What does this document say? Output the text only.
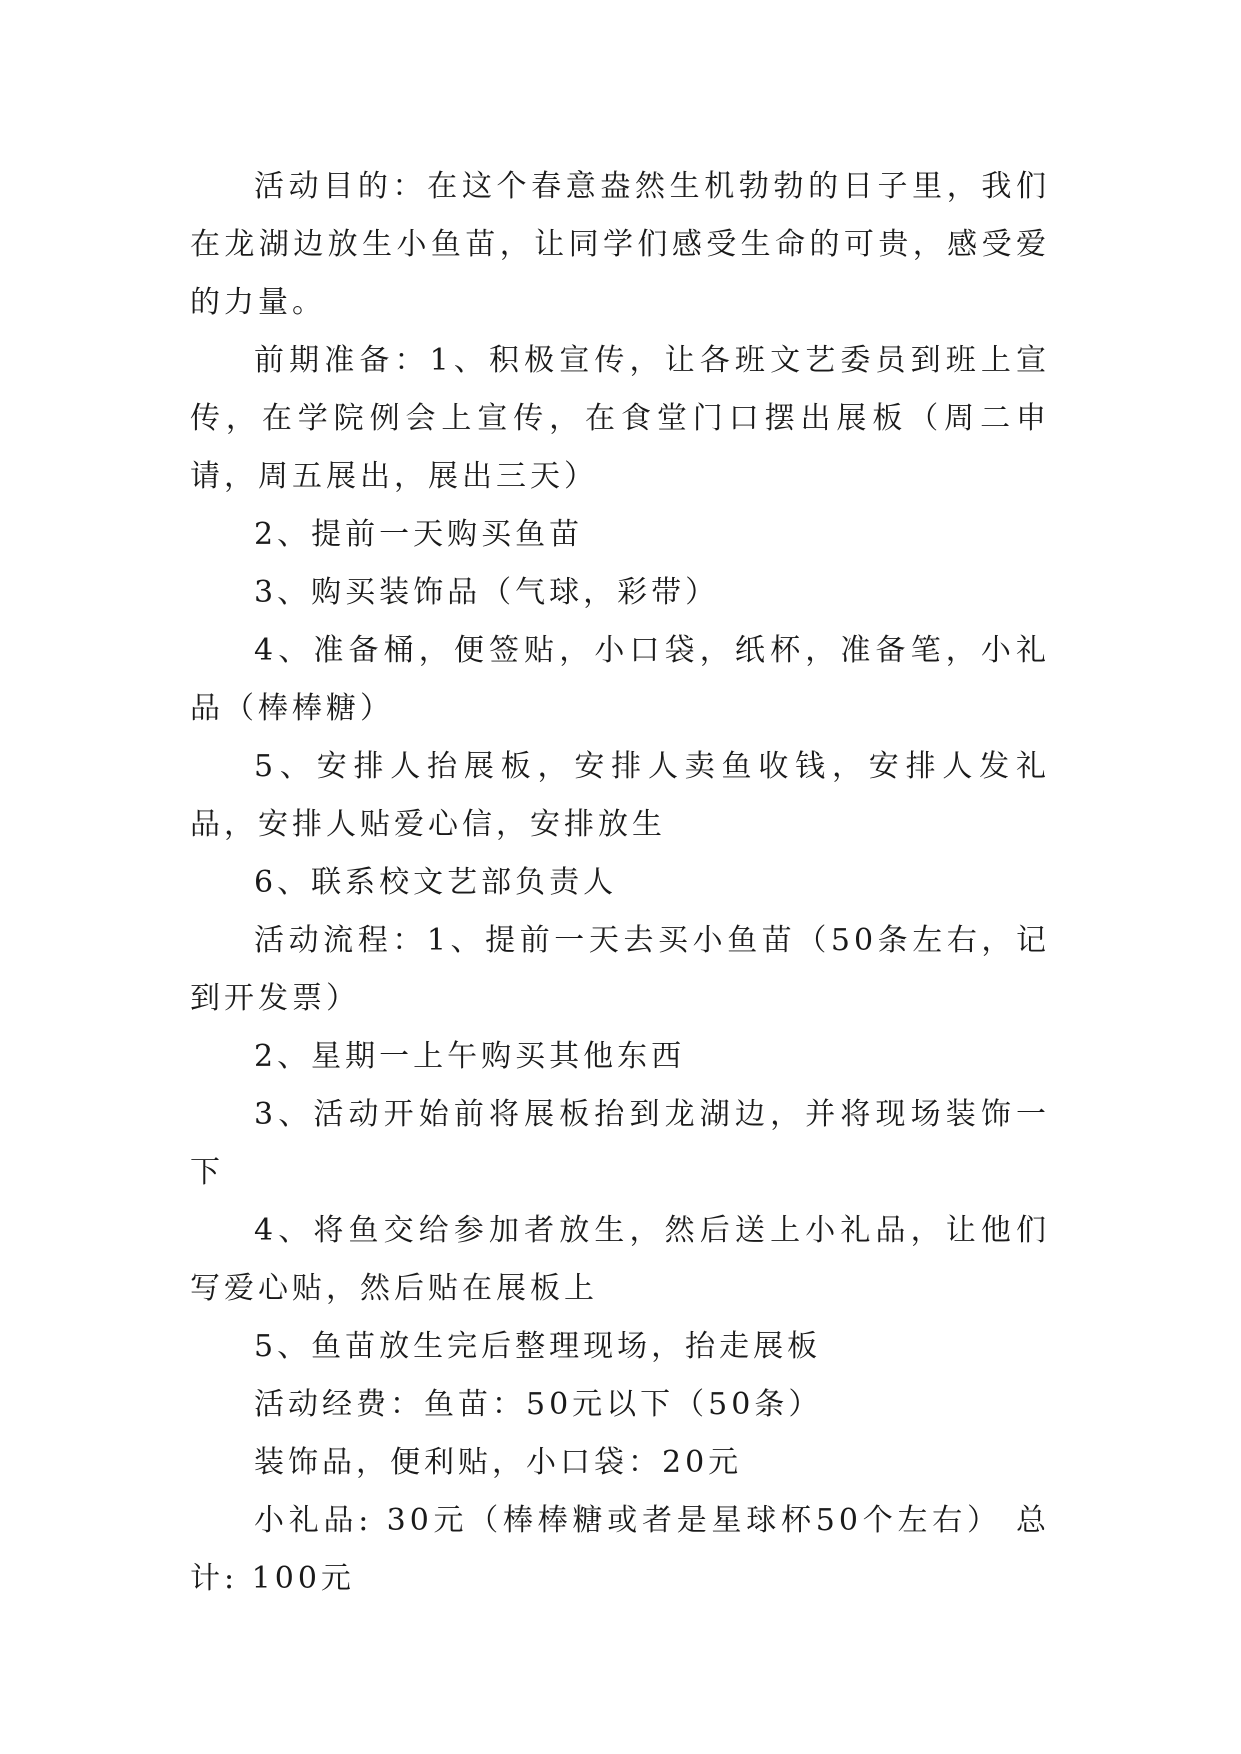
活动目的：在这个春意盎然生机勃勃的日子里，我们在龙湖边放生小鱼苗，让同学们感受生命的可贵，感受爱的力量。

前期准备：1、积极宣传，让各班文艺委员到班上宣传，在学院例会上宣传，在食堂门口摆出展板（周二申请，周五展出，展出三天）

2、提前一天购买鱼苗

3、购买装饰品（气球，彩带）

4、准备桶，便签贴，小口袋，纸杯，准备笔，小礼品（棒棒糖）

5、安排人抬展板，安排人卖鱼收钱，安排人发礼品，安排人贴爱心信，安排放生

6、联系校文艺部负责人

活动流程：1、提前一天去买小鱼苗（50条左右，记到开发票）

2、星期一上午购买其他东西

3、活动开始前将展板抬到龙湖边，并将现场装饰一下

4、将鱼交给参加者放生，然后送上小礼品，让他们写爱心贴，然后贴在展板上

5、鱼苗放生完后整理现场，抬走展板

活动经费：鱼苗：50元以下（50条）

装饰品，便利贴，小口袋：20元

小礼品: 30元（棒棒糖或者是星球杯50个左右） 总计: 100元
